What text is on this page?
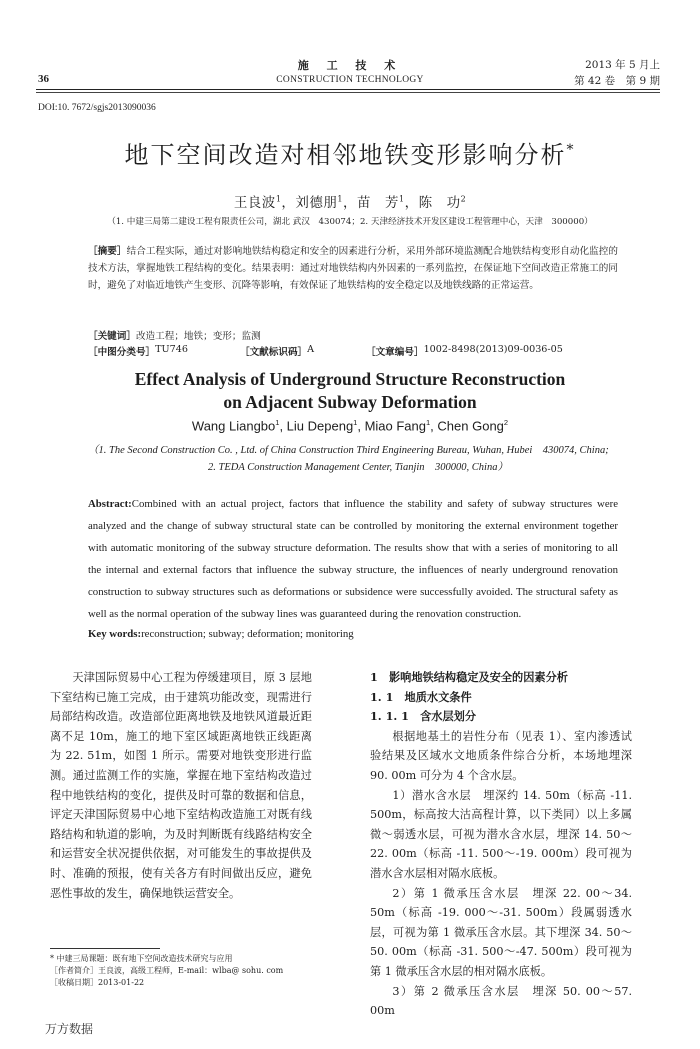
36
施 工 技 术
CONSTRUCTION TECHNOLOGY
2013 年 5 月上
第 42 卷　第 9 期
DOI:10. 7672/sgjs2013090036
地下空间改造对相邻地铁变形影响分析*
王良波$^1$，刘德朋$^1$，苗　芳$^1$，陈　功$^2$
（1. 中建三局第二建设工程有限责任公司，湖北 武汉　430074；2. 天津经济技术开发区建设工程管理中心，天津　300000）
［摘要］结合工程实际，通过对影响地铁结构稳定和安全的因素进行分析，采用外部环境监测配合地铁结构变形自动化监控的技术方法，掌握地铁工程结构的变化。结果表明：通过对地铁结构内外因素的一系列监控，在保证地下空间改造正常施工的同时，避免了对临近地铁产生变形、沉降等影响，有效保证了地铁结构的安全稳定以及地铁线路的正常运营。
［关键词］改造工程；地铁；变形；监测
［中图分类号］ TU746	［文献标识码］ A	［文章编号］ 1002-8498(2013)09-0036-05
Effect Analysis of Underground Structure Reconstruction
on Adjacent Subway Deformation
Wang Liangbo$^1$, Liu Depeng$^1$, Miao Fang$^1$, Chen Gong$^2$
（1. The Second Construction Co. , Ltd. of China Construction Third Engineering Bureau, Wuhan, Hubei　430074, China;
2. TEDA Construction Management Center, Tianjin　300000, China）
Abstract:Combined with an actual project, factors that influence the stability and safety of subway structures were analyzed and the change of subway structural state can be controlled by monitoring the external environment together with automatic monitoring of the subway structure deformation. The results show that with a series of monitoring to all the internal and external factors that influence the subway structure, the influences of nearly underground renovation construction to subway structures such as deformations or subsidence were successfully avoided. The structural safety as well as the normal operation of the subway lines was guaranteed during the renovation construction.
Key words:reconstruction; subway; deformation; monitoring

天津国际贸易中心工程为停缓建项目，原 3 层地下室结构已施工完成，由于建筑功能改变，现需进行局部结构改造。改造部位距离地铁及地铁风道最近距离不足 10m，施工的地下室区域距离地铁正线距离为 22. 51m，如图 1 所示。需要对地铁变形进行监测。通过监测工作的实施，掌握在地下室结构改造过程中地铁结构的变化，提供及时可靠的数据和信息，评定天津国际贸易中心地下室结构改造施工对既有线路结构和轨道的影响，为及时判断既有线路结构安全和运营安全状况提供依据，对可能发生的事故提供及时、准确的预报，使有关各方有时间做出反应，避免恶性事故的发生，确保地铁运营安全。

1　影响地铁结构稳定及安全的因素分析

1. 1　地质水文条件

1. 1. 1　含水层划分

根据地基土的岩性分布（见表 1）、室内渗透试验结果及区域水文地质条件综合分析，本场地埋深 90. 00m 可分为 4 个含水层。

1）潜水含水层　埋深约 14. 50m（标高 -11. 500m，标高按大沽高程计算，以下类同）以上多属微～弱透水层，可视为潜水含水层，埋深 14. 50～22. 00m（标高 -11. 500～-19. 000m）段可视为潜水含水层相对隔水底板。

2）第 1 微承压含水层　埋深 22. 00～34. 50m（标高 -19. 000～-31. 500m）段属弱透水层，可视为第 1 微承压含水层。其下埋深 34. 50～50. 00m（标高 -31. 500～-47. 500m）段可视为第 1 微承压含水层的相对隔水底板。

3）第 2 微承压含水层　埋深 50. 00～57. 00m

* 中建三局课题：既有地下空间改造技术研究与应用
［作者简介］王良波，高级工程师，E-mail：wlba@ sohu. com
［收稿日期］2013-01-22
万方数据
